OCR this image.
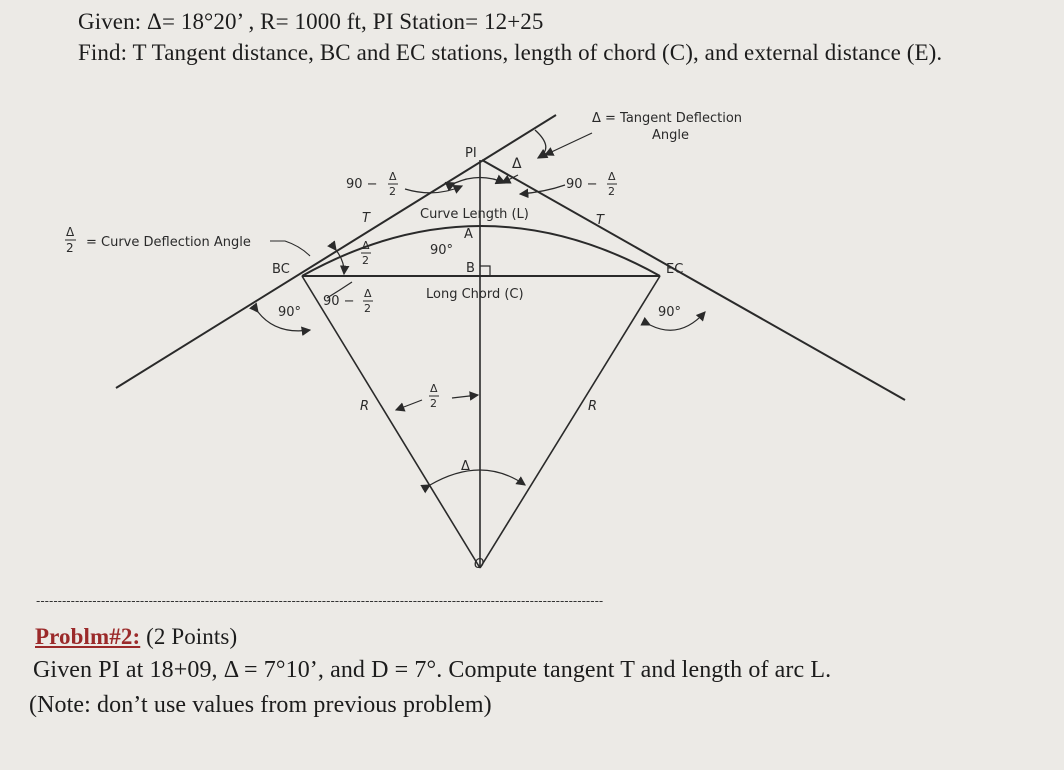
Given: Δ= 18°20’ , R= 1000 ft, PI Station= 12+25
Find: T Tangent distance, BC and EC stations, length of chord (C), and external distance (E).
PI
Δ
Δ = Tangent Deflection
Angle
Δ
2 = Curve Deflection Angle
90 −
Δ
2	90 −
Δ
2
T	T
Curve Length (L)
A
90°
B
Δ
2
BC	EC
90 −
Δ
2
Long Chord (C)
90°	90°
R	R
Δ
2
Δ
O
-----------------------------------------------------------------------------------------------------------------------------------
Problm#2: (2 Points)
Given PI at 18+09, Δ = 7°10’, and D = 7°. Compute tangent T and length of arc L.
(Note: don’t use values from previous problem)
